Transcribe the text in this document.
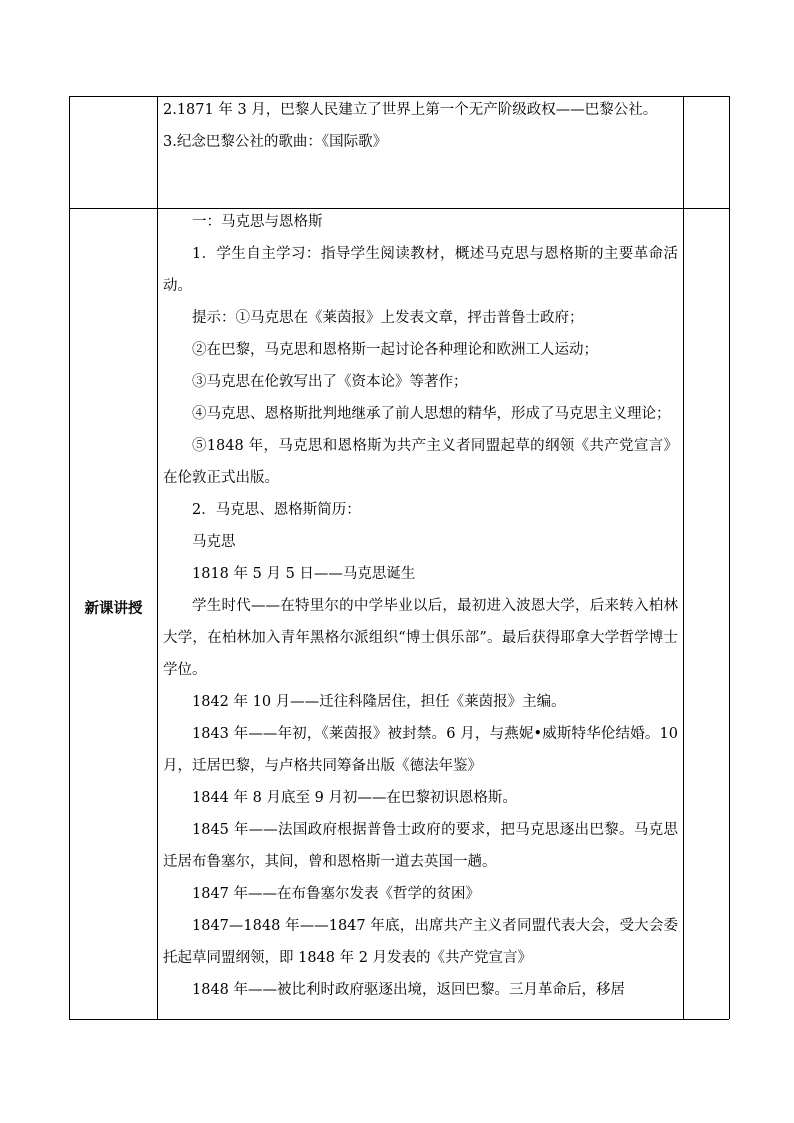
2.1871 年 3 月，巴黎人民建立了世界上第一个无产阶级政权——巴黎公社。

3.纪念巴黎公社的歌曲：《国际歌》

新课讲授

一：马克思与恩格斯

1．学生自主学习：指导学生阅读教材，概述马克思与恩格斯的主要革命活动。

提示：①马克思在《莱茵报》上发表文章，抨击普鲁士政府；

②在巴黎，马克思和恩格斯一起讨论各种理论和欧洲工人运动；

③马克思在伦敦写出了《资本论》等著作；

④马克思、恩格斯批判地继承了前人思想的精华，形成了马克思主义理论；

⑤1848 年，马克思和恩格斯为共产主义者同盟起草的纲领《共产党宣言》在伦敦正式出版。

2．马克思、恩格斯简历：

马克思

1818 年 5 月 5 日——马克思诞生

学生时代——在特里尔的中学毕业以后，最初进入波恩大学，后来转入柏林大学，在柏林加入青年黑格尔派组织“博士俱乐部”。最后获得耶拿大学哲学博士学位。

1842 年 10 月——迁往科隆居住，担任《莱茵报》主编。

1843 年——年初，《莱茵报》被封禁。6 月，与燕妮•威斯特华伦结婚。10 月，迁居巴黎，与卢格共同筹备出版《德法年鉴》

1844 年 8 月底至 9 月初——在巴黎初识恩格斯。

1845 年——法国政府根据普鲁士政府的要求，把马克思逐出巴黎。马克思迁居布鲁塞尔，其间，曾和恩格斯一道去英国一趟。

1847 年——在布鲁塞尔发表《哲学的贫困》

1847—1848 年——1847 年底，出席共产主义者同盟代表大会，受大会委托起草同盟纲领，即 1848 年 2 月发表的《共产党宣言》

1848 年——被比利时政府驱逐出境，返回巴黎。三月革命后，移居
